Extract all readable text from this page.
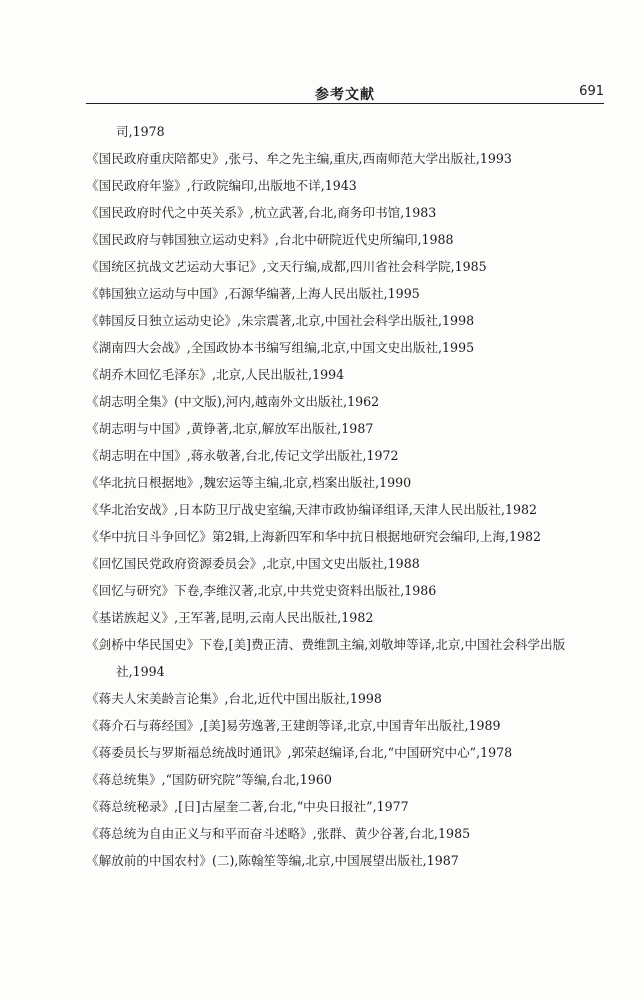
参考文献	691

司,1978

《国民政府重庆陪都史》,张弓、牟之先主编,重庆,西南师范大学出版社,1993

《国民政府年鉴》,行政院编印,出版地不详,1943

《国民政府时代之中英关系》,杭立武著,台北,商务印书馆,1983

《国民政府与韩国独立运动史料》,台北中研院近代史所编印,1988

《国统区抗战文艺运动大事记》,文天行编,成都,四川省社会科学院,1985

《韩国独立运动与中国》,石源华编著,上海人民出版社,1995

《韩国反日独立运动史论》,朱宗震著,北京,中国社会科学出版社,1998

《湖南四大会战》,全国政协本书编写组编,北京,中国文史出版社,1995

《胡乔木回忆毛泽东》,北京,人民出版社,1994

《胡志明全集》(中文版),河内,越南外文出版社,1962

《胡志明与中国》,黄铮著,北京,解放军出版社,1987

《胡志明在中国》,蒋永敬著,台北,传记文学出版社,1972

《华北抗日根据地》,魏宏运等主编,北京,档案出版社,1990

《华北治安战》,日本防卫厅战史室编,天津市政协编译组译,天津人民出版社,1982

《华中抗日斗争回忆》第2辑,上海新四军和华中抗日根据地研究会编印,上海,1982

《回忆国民党政府资源委员会》,北京,中国文史出版社,1988

《回忆与研究》下卷,李维汉著,北京,中共党史资料出版社,1986

《基诺族起义》,王军著,昆明,云南人民出版社,1982

《剑桥中华民国史》下卷,[美]费正清、费维凯主编,刘敬坤等译,北京,中国社会科学出版社,1994

《蒋夫人宋美龄言论集》,台北,近代中国出版社,1998

《蒋介石与蒋经国》,[美]易劳逸著,王建朗等译,北京,中国青年出版社,1989

《蒋委员长与罗斯福总统战时通讯》,郭荣赵编译,台北,“中国研究中心”,1978

《蒋总统集》,“国防研究院”等编,台北,1960

《蒋总统秘录》,[日]古屋奎二著,台北,“中央日报社”,1977

《蒋总统为自由正义与和平而奋斗述略》,张群、黄少谷著,台北,1985

《解放前的中国农村》(二),陈翰笙等编,北京,中国展望出版社,1987
